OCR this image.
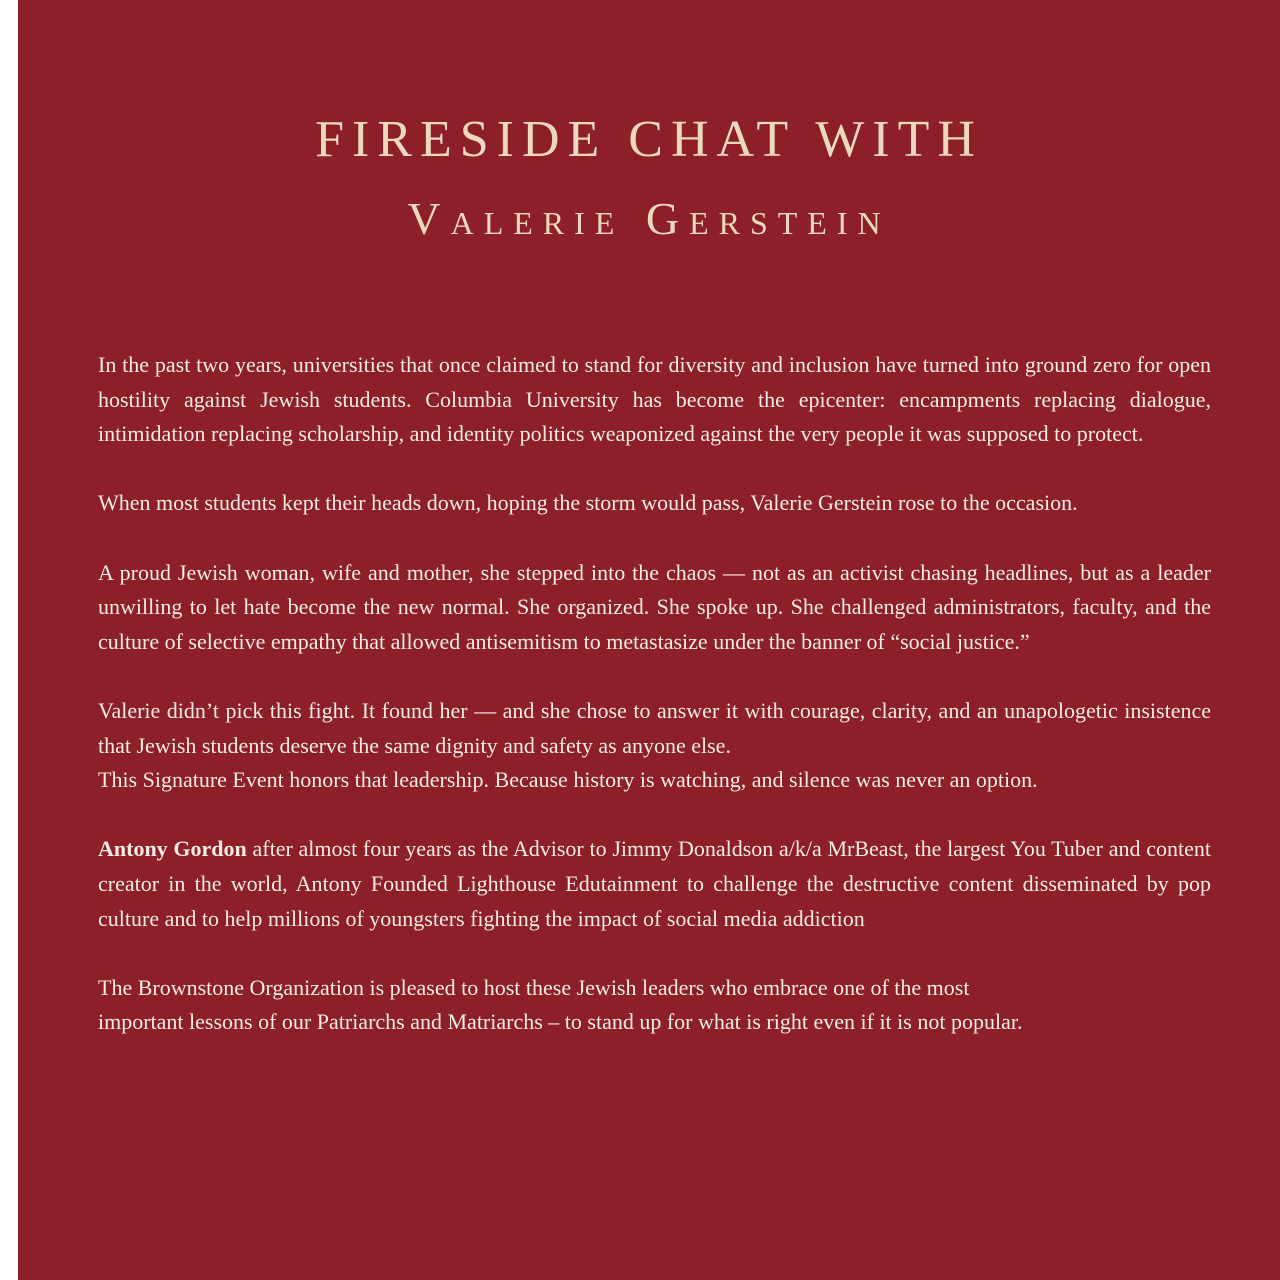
FIRESIDE CHAT WITH
Valerie Gerstein

In the past two years, universities that once claimed to stand for diversity and inclusion have turned into ground zero for open hostility against Jewish students. Columbia University has become the epicenter: encampments replacing dialogue, intimidation replacing scholarship, and identity politics weaponized against the very people it was supposed to protect.

When most students kept their heads down, hoping the storm would pass, Valerie Gerstein rose to the occasion.

A proud Jewish woman, wife and mother, she stepped into the chaos — not as an activist chasing headlines, but as a leader unwilling to let hate become the new normal. She organized. She spoke up. She challenged administrators, faculty, and the culture of selective empathy that allowed antisemitism to metastasize under the banner of “social justice.”

Valerie didn’t pick this fight. It found her — and she chose to answer it with courage, clarity, and an unapologetic insistence that Jewish students deserve the same dignity and safety as anyone else.
This Signature Event honors that leadership. Because history is watching, and silence was never an option.

Antony Gordon after almost four years as the Advisor to Jimmy Donaldson a/k/a MrBeast, the largest You Tuber and content creator in the world, Antony Founded Lighthouse Edutainment to challenge the destructive content disseminated by pop culture and to help millions of youngsters fighting the impact of social media addiction

The Brownstone Organization is pleased to host these Jewish leaders who embrace one of the most
important lessons of our Patriarchs and Matriarchs – to stand up for what is right even if it is not popular.
